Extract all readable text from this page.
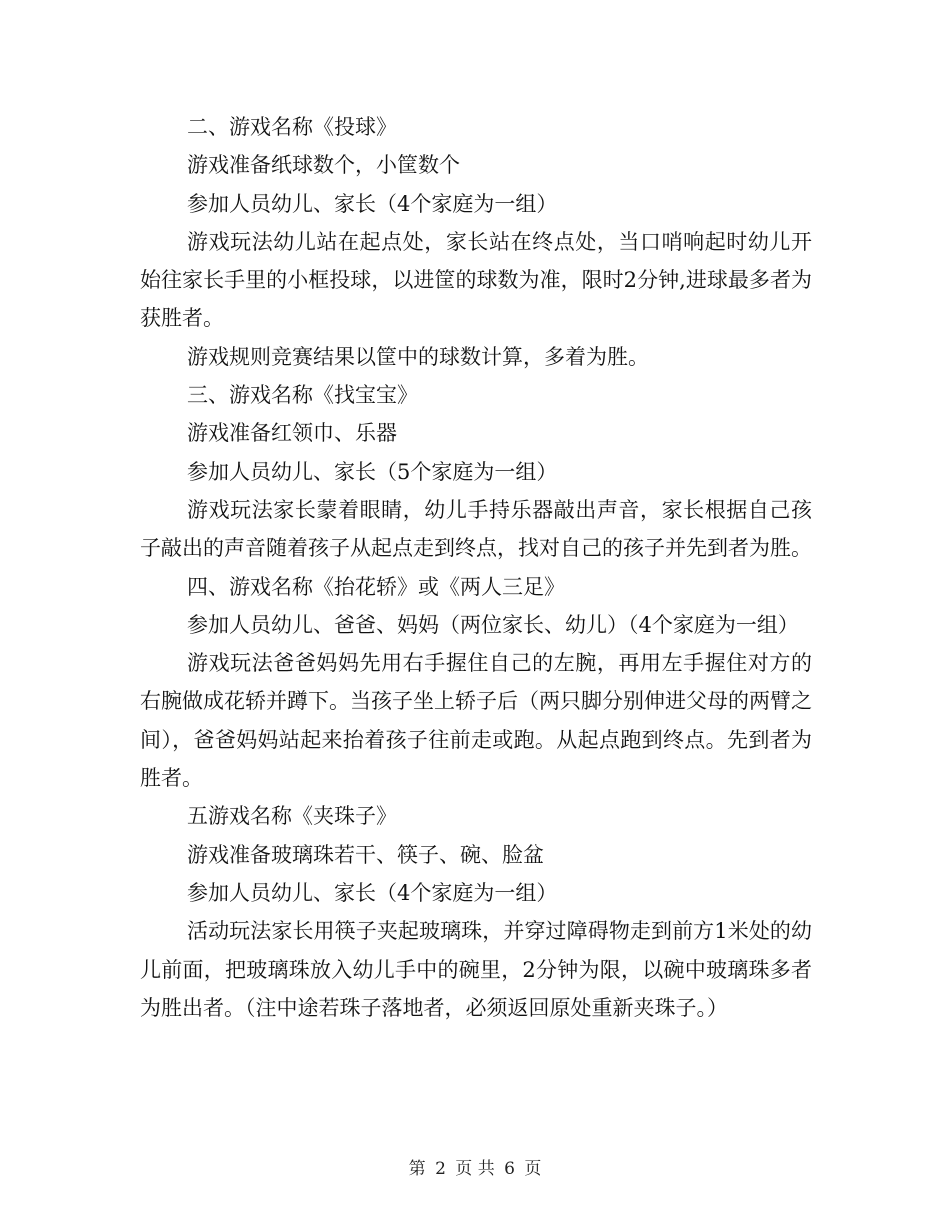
二、游戏名称《投球》

游戏准备纸球数个，小筐数个

参加人员幼儿、家长（4个家庭为一组）

游戏玩法幼儿站在起点处，家长站在终点处，当口哨响起时幼儿开始往家长手里的小框投球，以进筐的球数为准，限时2分钟,进球最多者为获胜者。

游戏规则竞赛结果以筐中的球数计算，多着为胜。

三、游戏名称《找宝宝》

游戏准备红领巾、乐器

参加人员幼儿、家长（5个家庭为一组）

游戏玩法家长蒙着眼睛，幼儿手持乐器敲出声音，家长根据自己孩子敲出的声音随着孩子从起点走到终点，找对自己的孩子并先到者为胜。

四、游戏名称《抬花轿》或《两人三足》

参加人员幼儿、爸爸、妈妈（两位家长、幼儿）（4个家庭为一组）

游戏玩法爸爸妈妈先用右手握住自己的左腕，再用左手握住对方的右腕做成花轿并蹲下。当孩子坐上轿子后（两只脚分别伸进父母的两臂之间），爸爸妈妈站起来抬着孩子往前走或跑。从起点跑到终点。先到者为胜者。

五游戏名称《夹珠子》

游戏准备玻璃珠若干、筷子、碗、脸盆

参加人员幼儿、家长（4个家庭为一组）

活动玩法家长用筷子夹起玻璃珠，并穿过障碍物走到前方1米处的幼儿前面，把玻璃珠放入幼儿手中的碗里，2分钟为限，以碗中玻璃珠多者为胜出者。（注中途若珠子落地者，必须返回原处重新夹珠子。）

第 2 页 共 6 页
